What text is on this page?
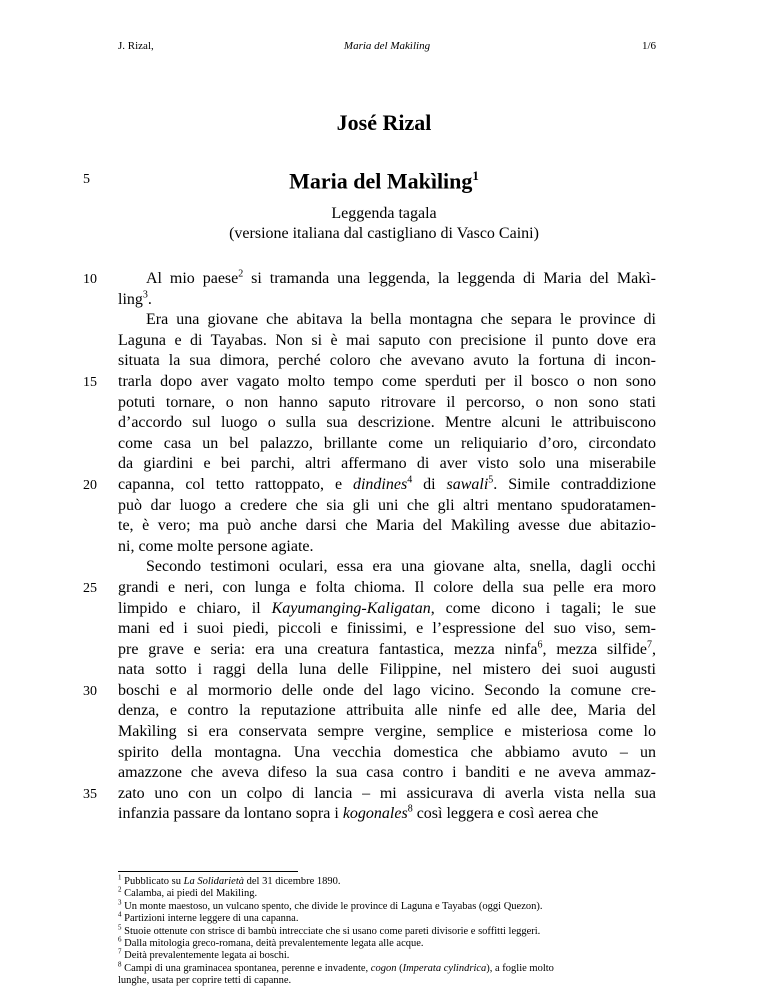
J. Rizal,	Maria del Makìling	1/6
José Rizal
Maria del Makìling$^1$
Leggenda tagala
(versione italiana dal castigliano di Vasco Caini)
5
10
15
20
25
30
35
Al mio paese$^2$ si tramanda una leggenda, la leggenda di Maria del Makì-
ling$^3$.
Era una giovane che abitava la bella montagna che separa le province di
Laguna e di Tayabas. Non si è mai saputo con precisione il punto dove era
situata la sua dimora, perché coloro che avevano avuto la fortuna di incon-
trarla dopo aver vagato molto tempo come sperduti per il bosco o non sono
potuti tornare, o non hanno saputo ritrovare il percorso, o non sono stati
d’accordo sul luogo o sulla sua descrizione. Mentre alcuni le attribuiscono
come casa un bel palazzo, brillante come un reliquiario d’oro, circondato
da giardini e bei parchi, altri affermano di aver visto solo una miserabile
capanna, col tetto rattoppato, e dindines$^4$ di sawali$^5$. Simile contraddizione
può dar luogo a credere che sia gli uni che gli altri mentano spudoratamen-
te, è vero; ma può anche darsi che Maria del Makìling avesse due abitazio-
ni, come molte persone agiate.
Secondo testimoni oculari, essa era una giovane alta, snella, dagli occhi
grandi e neri, con lunga e folta chioma. Il colore della sua pelle era moro
limpido e chiaro, il Kayumanging-Kaligatan, come dicono i tagali; le sue
mani ed i suoi piedi, piccoli e finissimi, e l’espressione del suo viso, sem-
pre grave e seria: era una creatura fantastica, mezza ninfa$^6$, mezza silfide$^7$,
nata sotto i raggi della luna delle Filippine, nel mistero dei suoi augusti
boschi e al mormorio delle onde del lago vicino. Secondo la comune cre-
denza, e contro la reputazione attribuita alle ninfe ed alle dee, Maria del
Makìling si era conservata sempre vergine, semplice e misteriosa come lo
spirito della montagna. Una vecchia domestica che abbiamo avuto – un
amazzone che aveva difeso la sua casa contro i banditi e ne aveva ammaz-
zato uno con un colpo di lancia – mi assicurava di averla vista nella sua
infanzia passare da lontano sopra i kogonales$^8$ così leggera e così aerea che
$^1$ Pubblicato su La Solidarietà del 31 dicembre 1890.
$^2$ Calamba, ai piedi del Makìling.
$^3$ Un monte maestoso, un vulcano spento, che divide le province di Laguna e Tayabas (oggi Quezon).
$^4$ Partizioni interne leggere di una capanna.
$^5$ Stuoie ottenute con strisce di bambù intrecciate che si usano come pareti divisorie e soffitti leggeri.
$^6$ Dalla mitologia greco-romana, deità prevalentemente legata alle acque.
$^7$ Deità prevalentemente legata ai boschi.
$^8$ Campi di una graminacea spontanea, perenne e invadente, cogon (Imperata cylindrica), a foglie molto
lunghe, usata per coprire tetti di capanne.
